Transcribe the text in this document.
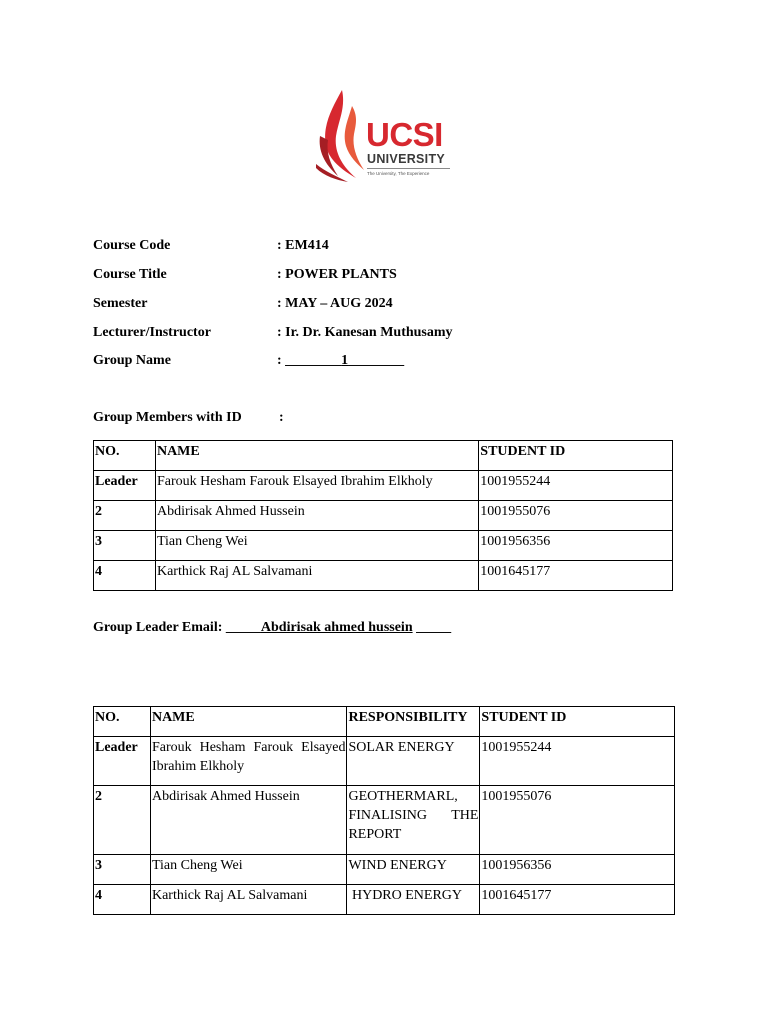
UCSI
UNIVERSITY
The University, The Experience
Course Code	: EM414
Course Title	: POWER PLANTS
Semester	: MAY – AUG 2024
Lecturer/Instructor	: Ir. Dr. Kanesan Muthusamy
Group Name	: ________1________
Group Members with ID	:
NO.	NAME	STUDENT ID
Leader	Farouk Hesham Farouk Elsayed Ibrahim Elkholy	1001955244
2	Abdirisak Ahmed Hussein	1001955076
3	Tian Cheng Wei	1001956356
4	Karthick Raj AL Salvamani	1001645177
Group Leader Email: _____Abdirisak ahmed hussein _____
NO.	NAME	RESPONSIBILITY	STUDENT ID
Leader	Farouk Hesham Farouk Elsayed Ibrahim Elkholy	SOLAR ENERGY	1001955244
2	Abdirisak Ahmed Hussein	GEOTHERMARL, FINALISING THE REPORT	1001955076
3	Tian Cheng Wei	WIND ENERGY	1001956356
4	Karthick Raj AL Salvamani	HYDRO ENERGY	1001645177
